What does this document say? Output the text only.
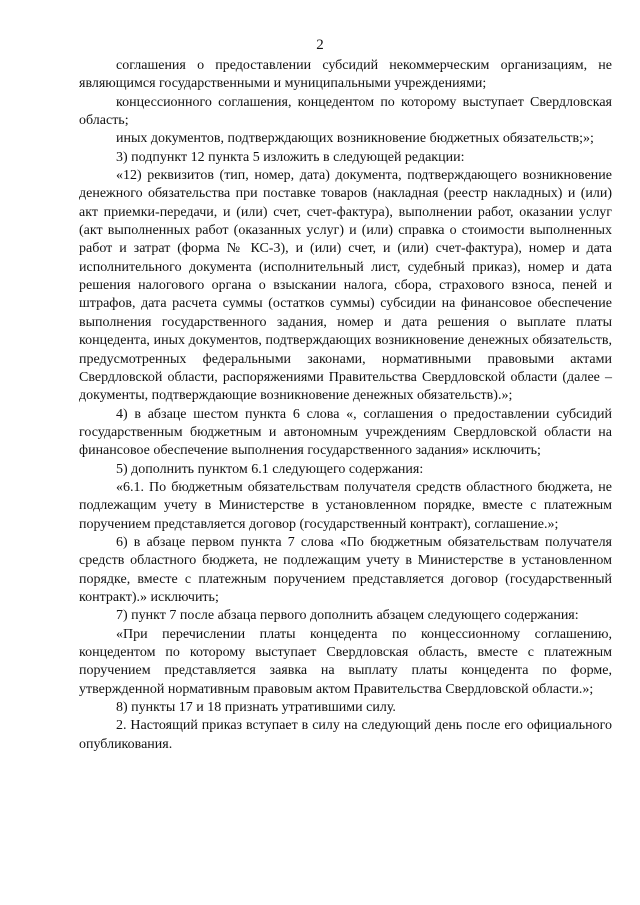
2

соглашения о предоставлении субсидий некоммерческим организациям, не являющимся государственными и муниципальными учреждениями;

концессионного соглашения, концедентом по которому выступает Свердловская область;

иных документов, подтверждающих возникновение бюджетных обязательств;»;

3) подпункт 12 пункта 5 изложить в следующей редакции:

«12) реквизитов (тип, номер, дата) документа, подтверждающего возникновение денежного обязательства при поставке товаров (накладная (реестр накладных) и (или) акт приемки-передачи, и (или) счет, счет-фактура), выполнении работ, оказании услуг (акт выполненных работ (оказанных услуг) и (или) справка о стоимости выполненных работ и затрат (форма № КС-3), и (или) счет, и (или) счет-фактура), номер и дата исполнительного документа (исполнительный лист, судебный приказ), номер и дата решения налогового органа о взыскании налога, сбора, страхового взноса, пеней и штрафов, дата расчета суммы (остатков суммы) субсидии на финансовое обеспечение выполнения государственного задания, номер и дата решения о выплате платы концедента, иных документов, подтверждающих возникновение денежных обязательств, предусмотренных федеральными законами, нормативными правовыми актами Свердловской области, распоряжениями Правительства Свердловской области (далее – документы, подтверждающие возникновение денежных обязательств).»;

4) в абзаце шестом пункта 6 слова «, соглашения о предоставлении субсидий государственным бюджетным и автономным учреждениям Свердловской области на финансовое обеспечение выполнения государственного задания» исключить;

5) дополнить пунктом 6.1 следующего содержания:

«6.1. По бюджетным обязательствам получателя средств областного бюджета, не подлежащим учету в Министерстве в установленном порядке, вместе с платежным поручением представляется договор (государственный контракт), соглашение.»;

6) в абзаце первом пункта 7 слова «По бюджетным обязательствам получателя средств областного бюджета, не подлежащим учету в Министерстве в установленном порядке, вместе с платежным поручением представляется договор (государственный контракт).» исключить;

7) пункт 7 после абзаца первого дополнить абзацем следующего содержания:

«При перечислении платы концедента по концессионному соглашению, концедентом по которому выступает Свердловская область, вместе с платежным поручением представляется заявка на выплату платы концедента по форме, утвержденной нормативным правовым актом Правительства Свердловской области.»;

8) пункты 17 и 18 признать утратившими силу.

2. Настоящий приказ вступает в силу на следующий день после его официального опубликования.
